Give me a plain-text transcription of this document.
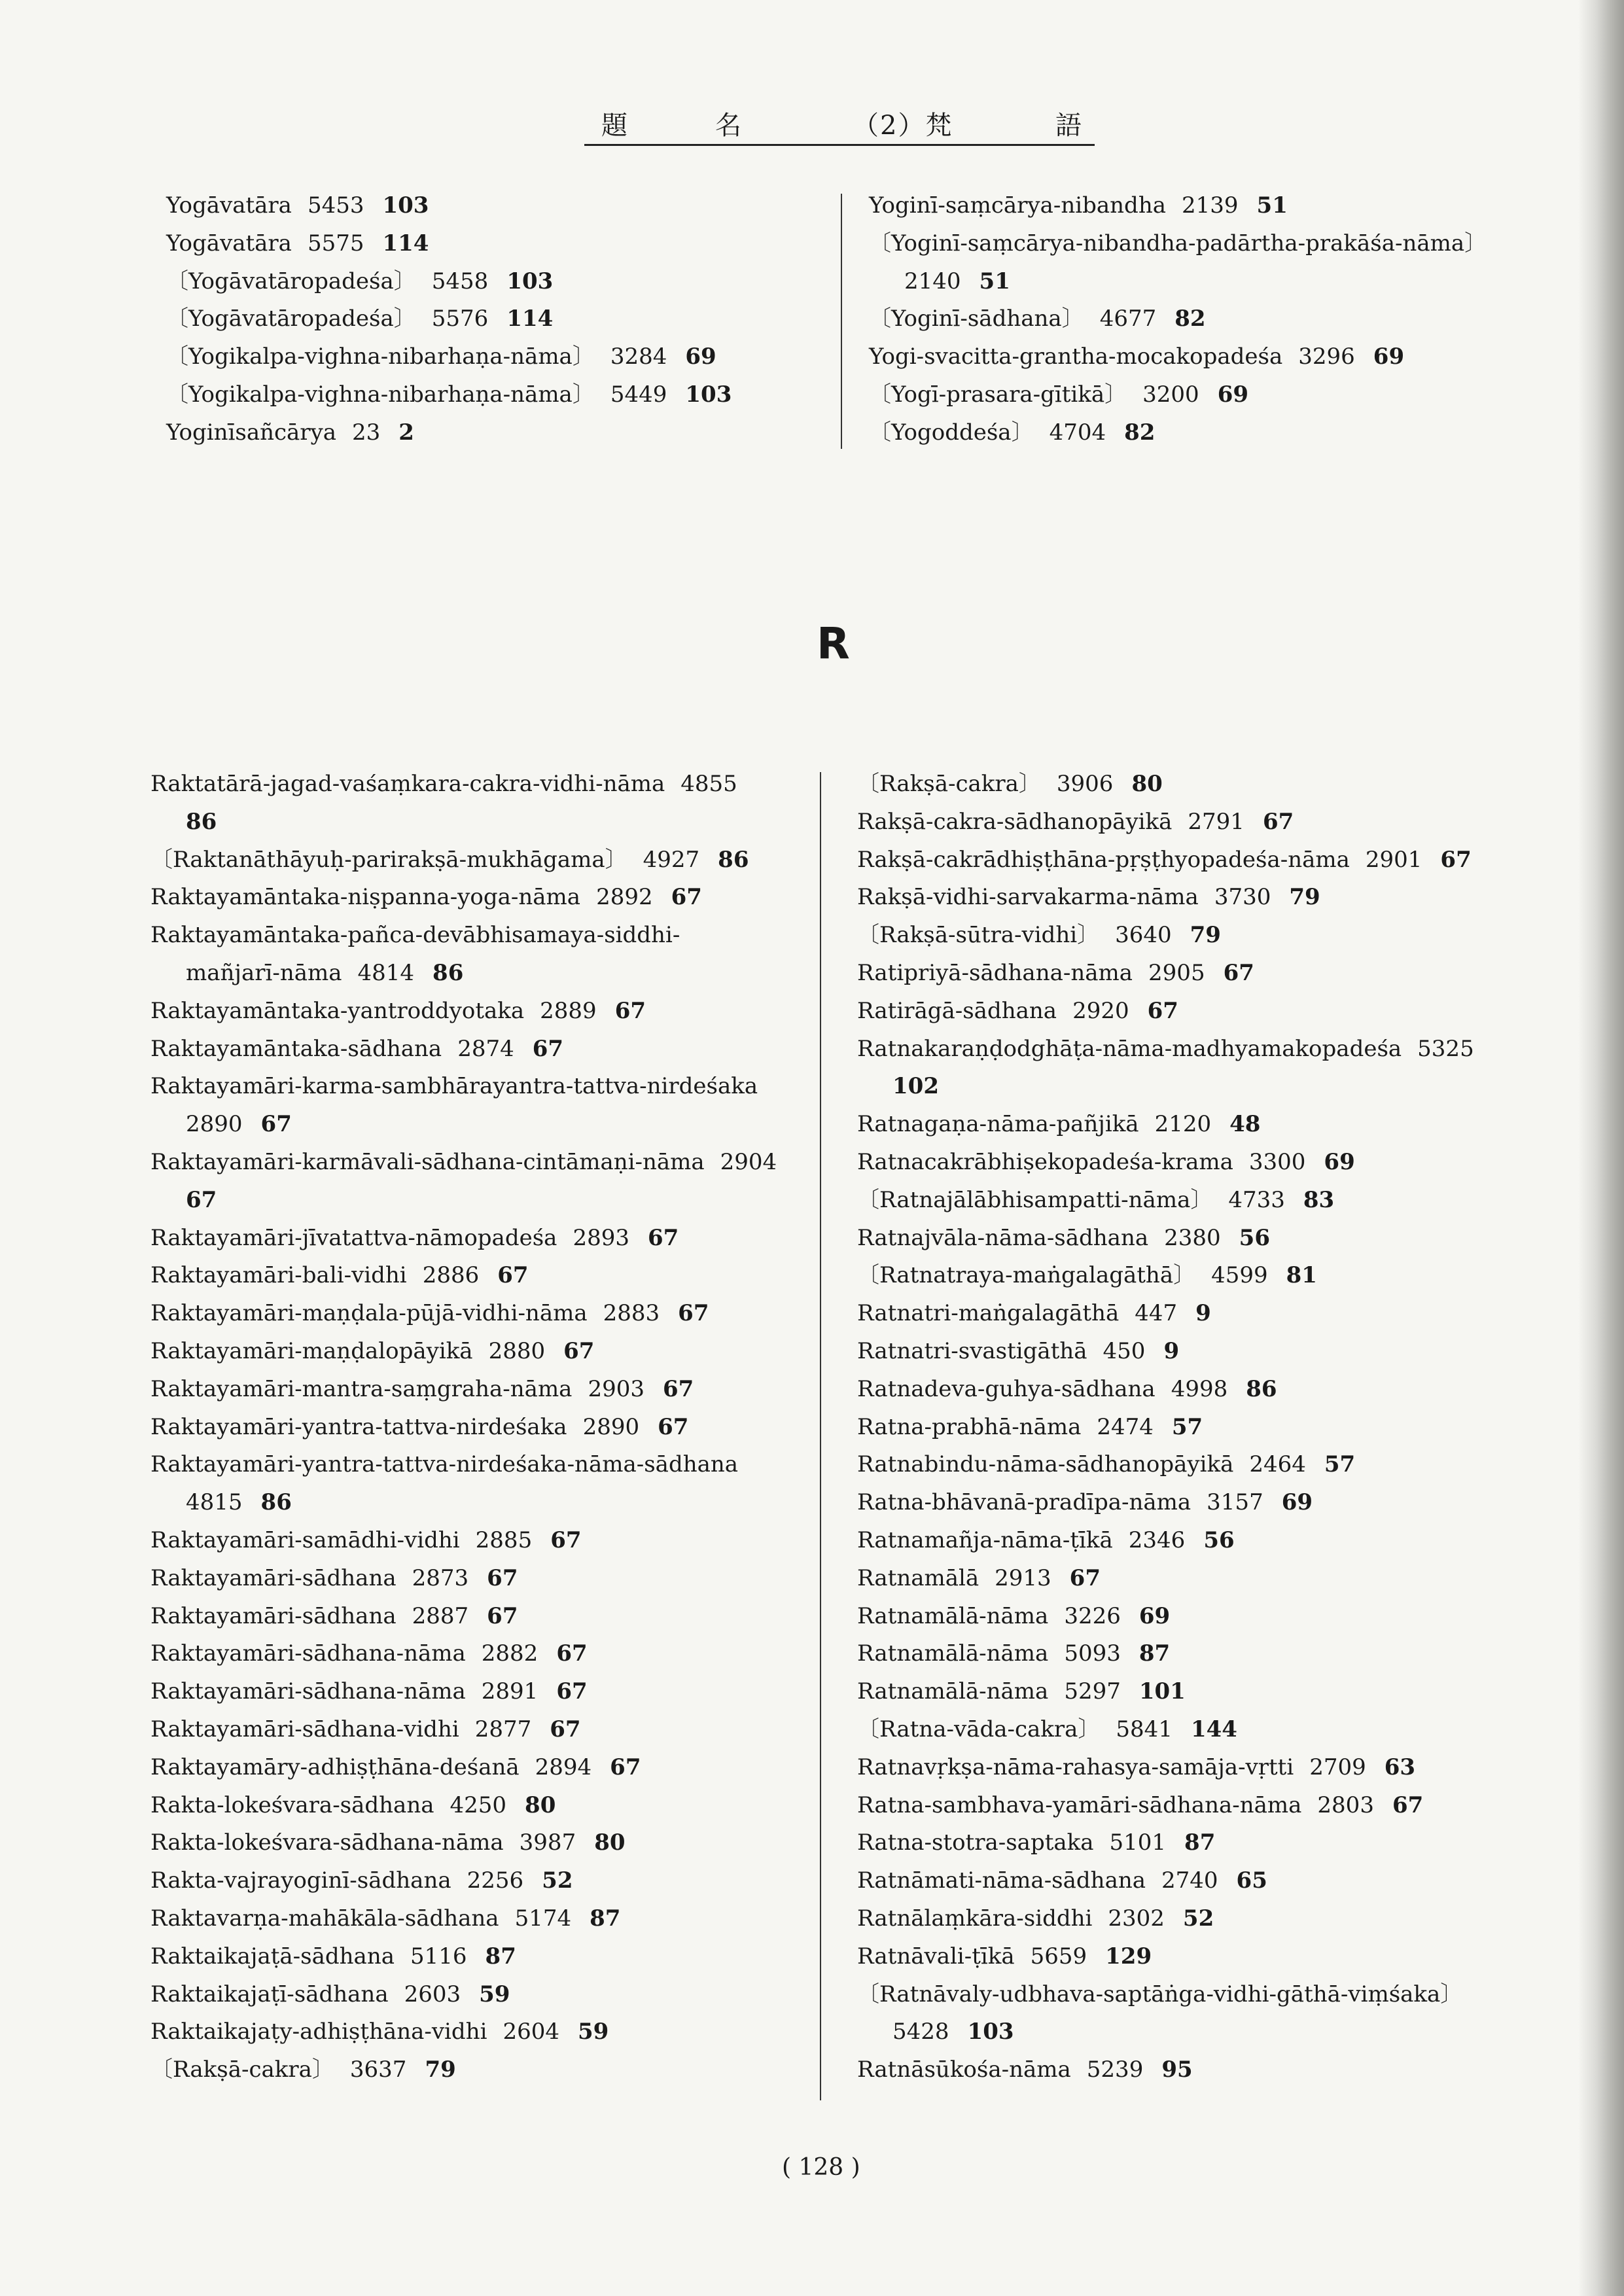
題	名	（2）梵	語
Yogāvatāra 5453 103
Yogāvatāra 5575 114
〔Yogāvatāropadeśa〕 5458 103
〔Yogāvatāropadeśa〕 5576 114
〔Yogikalpa-vighna-nibarhaṇa-nāma〕 3284 69
〔Yogikalpa-vighna-nibarhaṇa-nāma〕 5449 103
Yoginīsañcārya 23 2
Yoginī-saṃcārya-nibandha 2139 51
〔Yoginī-saṃcārya-nibandha-padārtha-prakāśa-nāma〕
2140 51
〔Yoginī-sādhana〕 4677 82
Yogi-svacitta-grantha-mocakopadeśa 3296 69
〔Yogī-prasara-gītikā〕 3200 69
〔Yogoddeśa〕 4704 82
R
Raktatārā-jagad-vaśaṃkara-cakra-vidhi-nāma 4855
86
〔Raktanāthāyuḥ-parirakṣā-mukhāgama〕 4927 86
Raktayamāntaka-niṣpanna-yoga-nāma 2892 67
Raktayamāntaka-pañca-devābhisamaya-siddhi-
mañjarī-nāma 4814 86
Raktayamāntaka-yantroddyotaka 2889 67
Raktayamāntaka-sādhana 2874 67
Raktayamāri-karma-sambhārayantra-tattva-nirdeśaka
2890 67
Raktayamāri-karmāvali-sādhana-cintāmaṇi-nāma 2904
67
Raktayamāri-jīvatattva-nāmopadeśa 2893 67
Raktayamāri-bali-vidhi 2886 67
Raktayamāri-maṇḍala-pūjā-vidhi-nāma 2883 67
Raktayamāri-maṇḍalopāyikā 2880 67
Raktayamāri-mantra-saṃgraha-nāma 2903 67
Raktayamāri-yantra-tattva-nirdeśaka 2890 67
Raktayamāri-yantra-tattva-nirdeśaka-nāma-sādhana
4815 86
Raktayamāri-samādhi-vidhi 2885 67
Raktayamāri-sādhana 2873 67
Raktayamāri-sādhana 2887 67
Raktayamāri-sādhana-nāma 2882 67
Raktayamāri-sādhana-nāma 2891 67
Raktayamāri-sādhana-vidhi 2877 67
Raktayamāry-adhiṣṭhāna-deśanā 2894 67
Rakta-lokeśvara-sādhana 4250 80
Rakta-lokeśvara-sādhana-nāma 3987 80
Rakta-vajrayoginī-sādhana 2256 52
Raktavarṇa-mahākāla-sādhana 5174 87
Raktaikajaṭā-sādhana 5116 87
Raktaikajaṭī-sādhana 2603 59
Raktaikajaṭy-adhiṣṭhāna-vidhi 2604 59
〔Rakṣā-cakra〕 3637 79
〔Rakṣā-cakra〕 3906 80
Rakṣā-cakra-sādhanopāyikā 2791 67
Rakṣā-cakrādhiṣṭhāna-pṛṣṭhyopadeśa-nāma 2901 67
Rakṣā-vidhi-sarvakarma-nāma 3730 79
〔Rakṣā-sūtra-vidhi〕 3640 79
Ratipriyā-sādhana-nāma 2905 67
Ratirāgā-sādhana 2920 67
Ratnakaraṇḍodghāṭa-nāma-madhyamakopadeśa 5325
102
Ratnagaṇa-nāma-pañjikā 2120 48
Ratnacakrābhiṣekopadeśa-krama 3300 69
〔Ratnajālābhisampatti-nāma〕 4733 83
Ratnajvāla-nāma-sādhana 2380 56
〔Ratnatraya-maṅgalagāthā〕 4599 81
Ratnatri-maṅgalagāthā 447 9
Ratnatri-svastigāthā 450 9
Ratnadeva-guhya-sādhana 4998 86
Ratna-prabhā-nāma 2474 57
Ratnabindu-nāma-sādhanopāyikā 2464 57
Ratna-bhāvanā-pradīpa-nāma 3157 69
Ratnamañja-nāma-ṭīkā 2346 56
Ratnamālā 2913 67
Ratnamālā-nāma 3226 69
Ratnamālā-nāma 5093 87
Ratnamālā-nāma 5297 101
〔Ratna-vāda-cakra〕 5841 144
Ratnavṛkṣa-nāma-rahasya-samāja-vṛtti 2709 63
Ratna-sambhava-yamāri-sādhana-nāma 2803 67
Ratna-stotra-saptaka 5101 87
Ratnāmati-nāma-sādhana 2740 65
Ratnālaṃkāra-siddhi 2302 52
Ratnāvali-ṭīkā 5659 129
〔Ratnāvaly-udbhava-saptāṅga-vidhi-gāthā-viṃśaka〕
5428 103
Ratnāsūkośa-nāma 5239 95
( 128 )
